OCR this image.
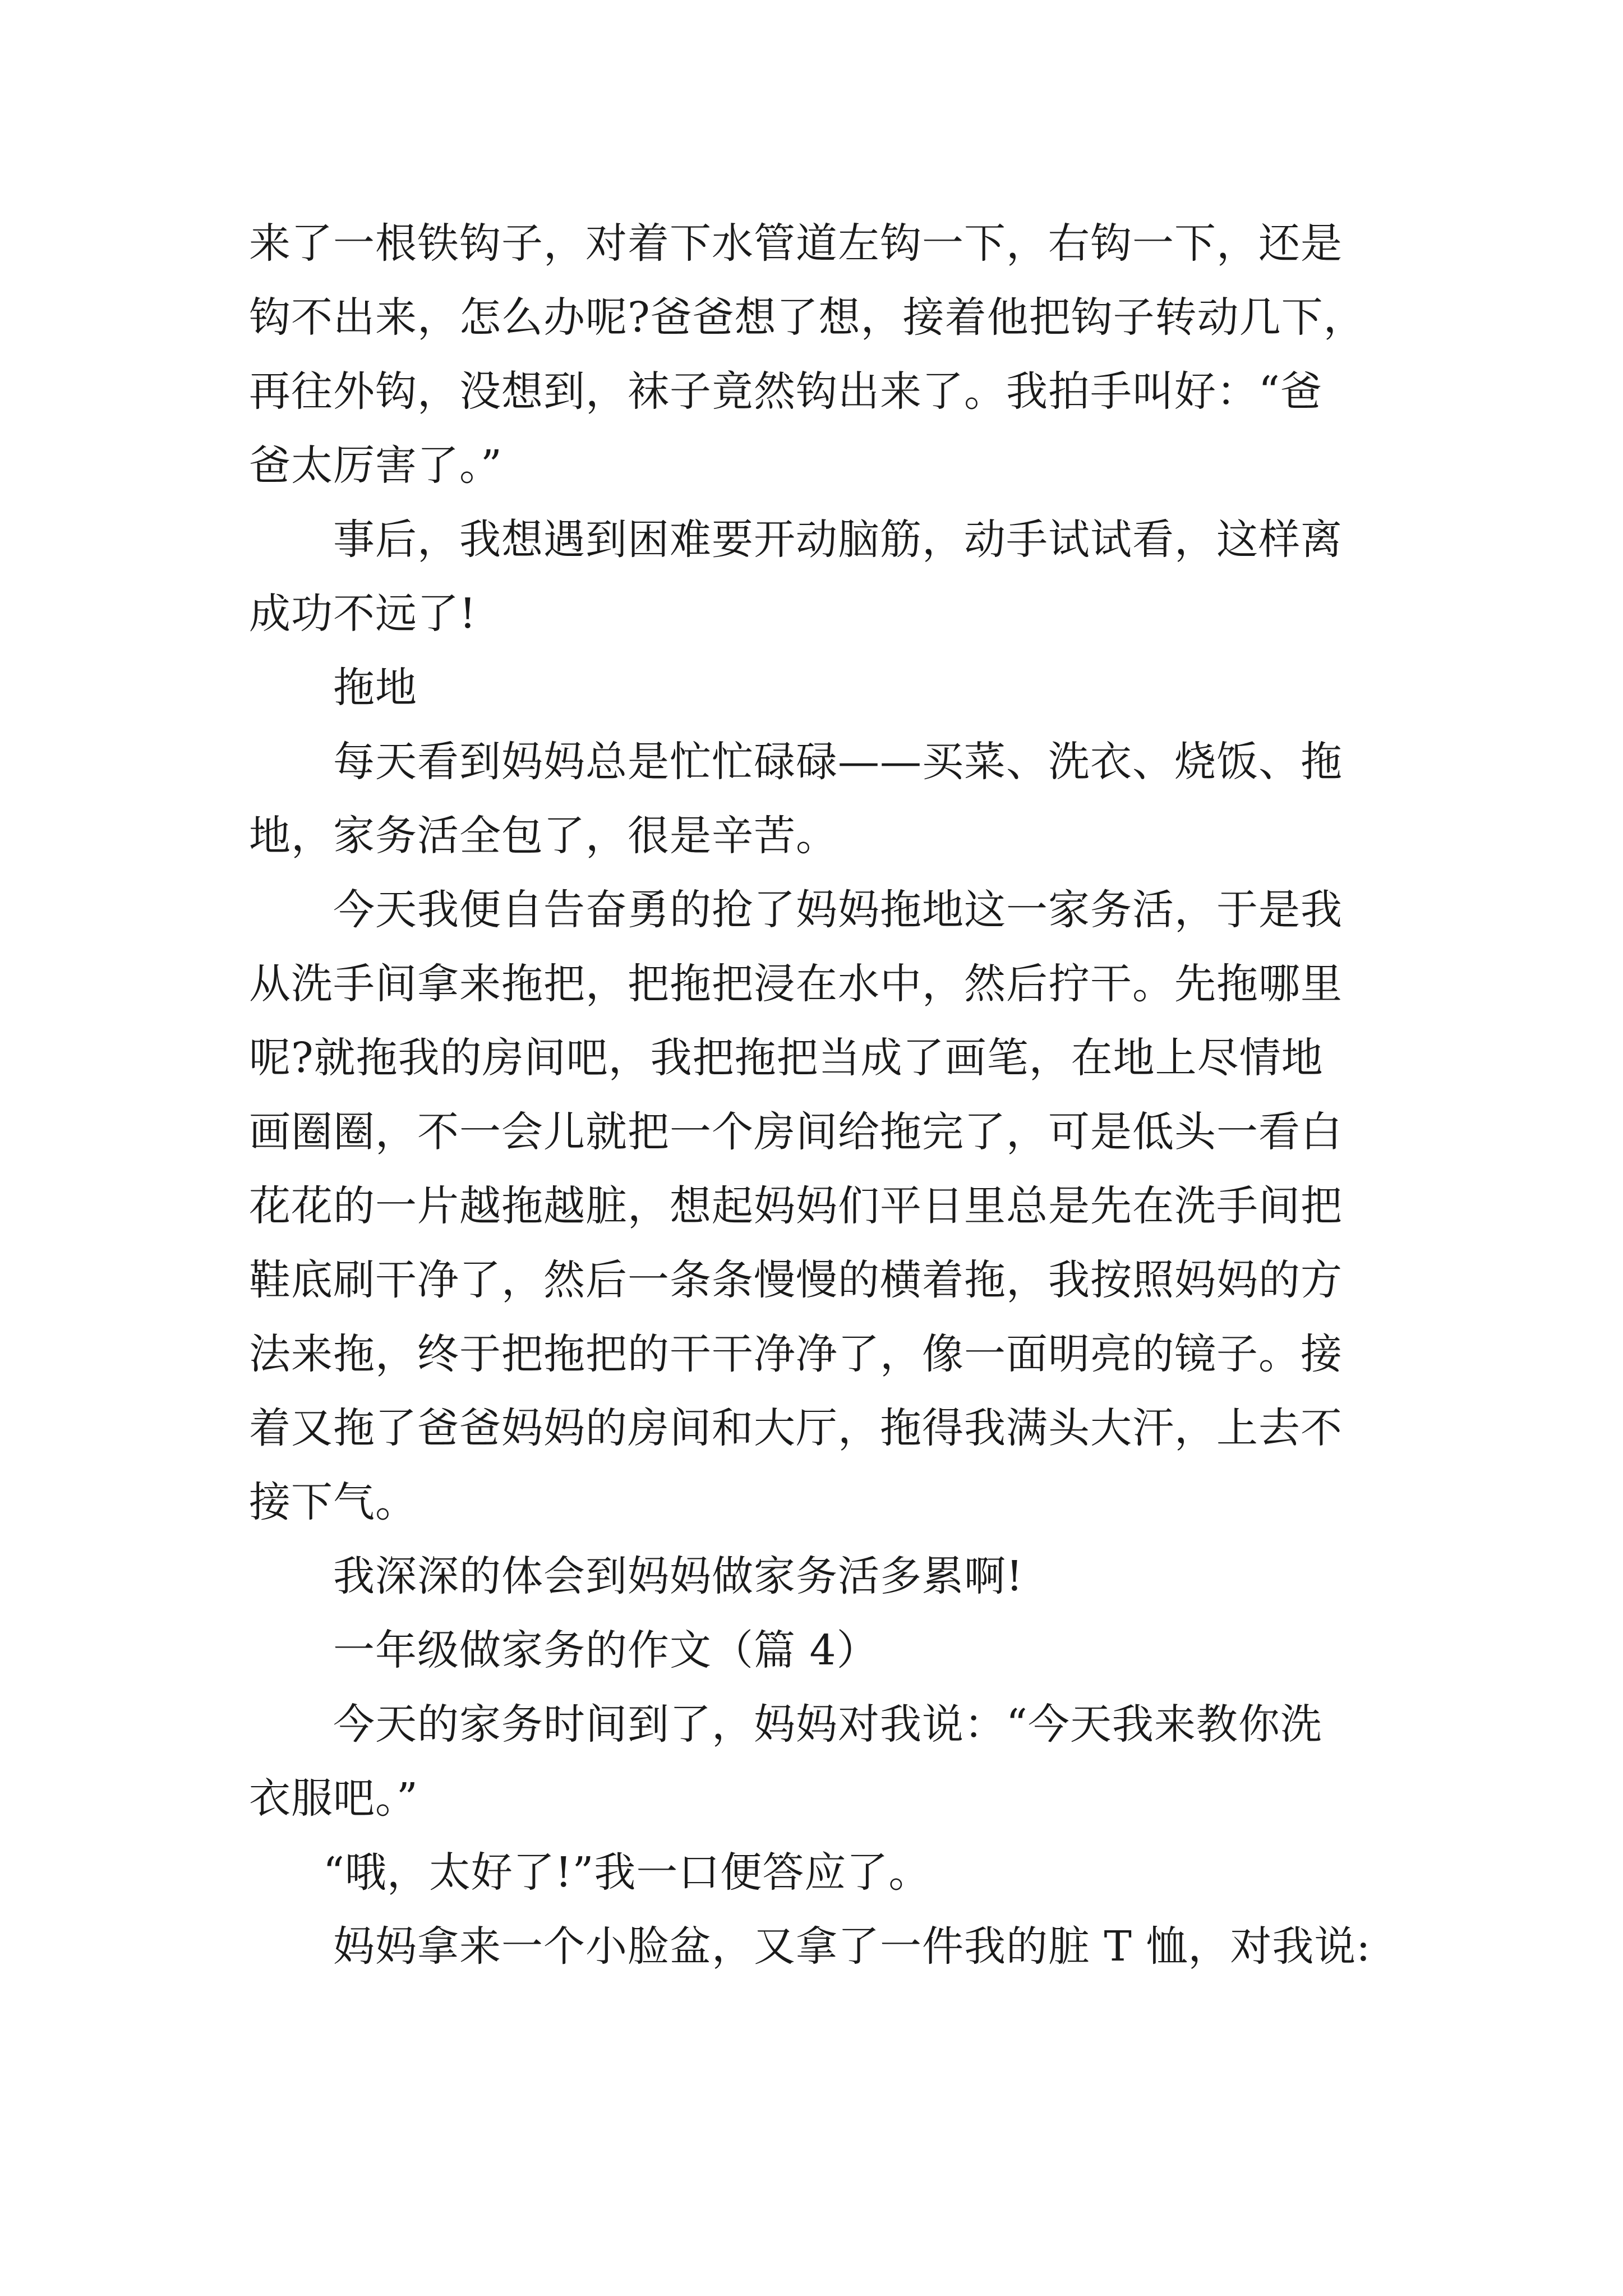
来了一根铁钩子，对着下水管道左钩一下，右钩一下，还是
钩不出来，怎么办呢?爸爸想了想，接着他把钩子转动几下，
再往外钩，没想到，袜子竟然钩出来了。我拍手叫好：“爸
爸太厉害了。”
事后，我想遇到困难要开动脑筋，动手试试看，这样离
成功不远了!
拖地
每天看到妈妈总是忙忙碌碌——买菜、洗衣、烧饭、拖
地，家务活全包了，很是辛苦。
今天我便自告奋勇的抢了妈妈拖地这一家务活，于是我
从洗手间拿来拖把，把拖把浸在水中，然后拧干。先拖哪里
呢?就拖我的房间吧，我把拖把当成了画笔，在地上尽情地
画圈圈，不一会儿就把一个房间给拖完了，可是低头一看白
花花的一片越拖越脏，想起妈妈们平日里总是先在洗手间把
鞋底刷干净了，然后一条条慢慢的横着拖，我按照妈妈的方
法来拖，终于把拖把的干干净净了，像一面明亮的镜子。接
着又拖了爸爸妈妈的房间和大厅，拖得我满头大汗，上去不
接下气。
我深深的体会到妈妈做家务活多累啊!
一年级做家务的作文（篇 4）
今天的家务时间到了，妈妈对我说：“今天我来教你洗
衣服吧。”
“哦，太好了!”我一口便答应了。
妈妈拿来一个小脸盆，又拿了一件我的脏 T 恤，对我说:
